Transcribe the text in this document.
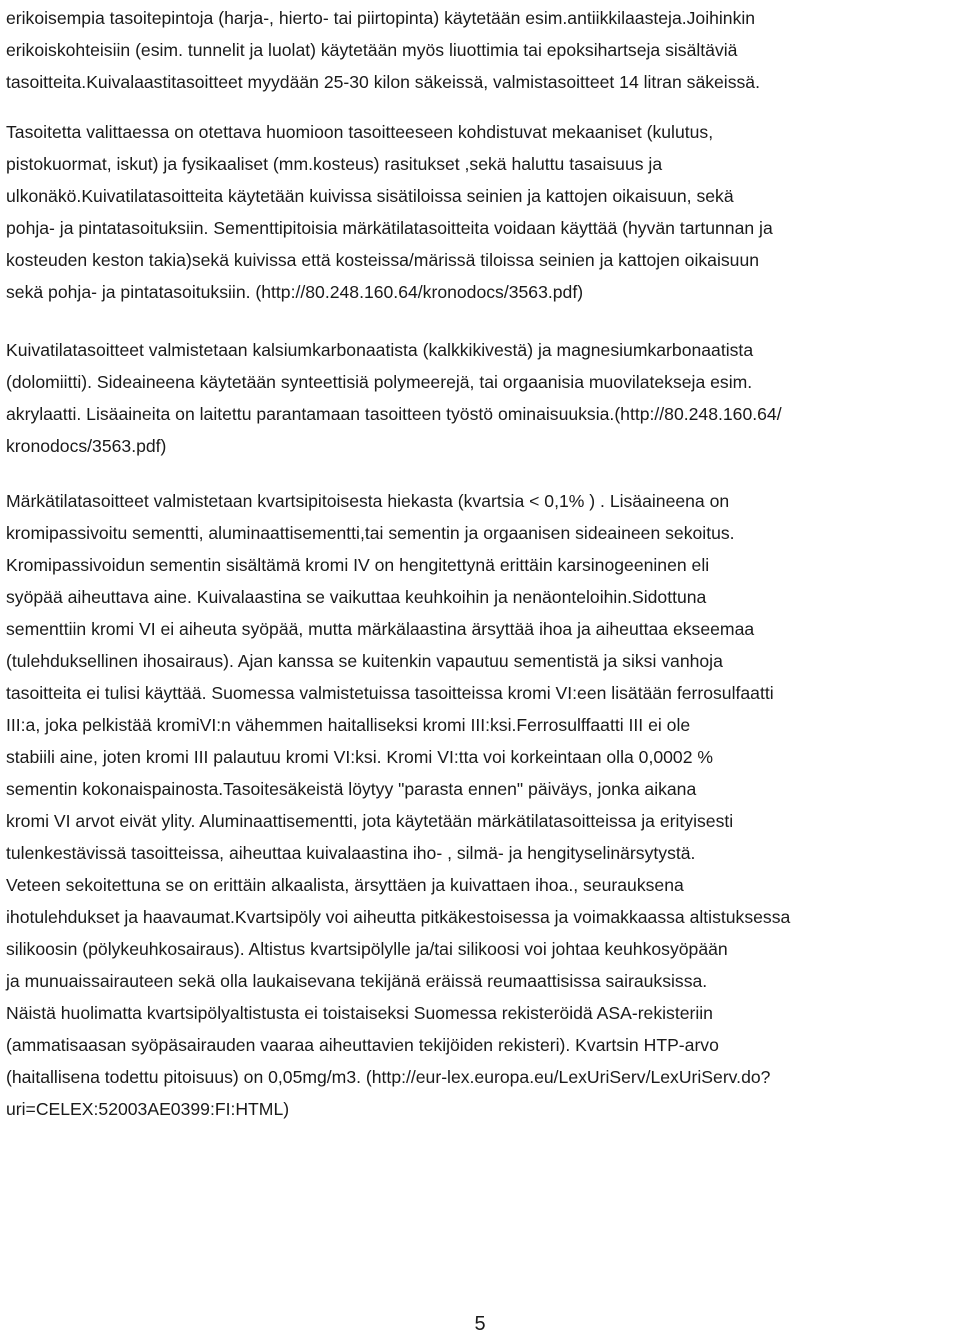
erikoisempia tasoitepintoja (harja-, hierto- tai piirtopinta) käytetään esim.antiikkilaasteja.Joihinkin
erikoiskohteisiin (esim. tunnelit ja luolat) käytetään myös liuottimia tai epoksihartseja sisältäviä
tasoitteita.Kuivalaastitasoitteet myydään 25-30 kilon säkeissä, valmistasoitteet 14 litran säkeissä.

Tasoitetta valittaessa on otettava huomioon tasoitteeseen kohdistuvat mekaaniset (kulutus,
pistokuormat, iskut) ja fysikaaliset (mm.kosteus) rasitukset ,sekä haluttu tasaisuus ja
ulkonäkö.Kuivatilatasoitteita käytetään kuivissa sisätiloissa seinien ja kattojen oikaisuun, sekä
pohja- ja pintatasoituksiin. Sementtipitoisia märkätilatasoitteita voidaan käyttää (hyvän tartunnan ja
kosteuden keston takia)sekä kuivissa että kosteissa/märissä tiloissa seinien ja kattojen oikaisuun
sekä pohja- ja pintatasoituksiin. (http://80.248.160.64/kronodocs/3563.pdf)

Kuivatilatasoitteet valmistetaan kalsiumkarbonaatista (kalkkikivestä) ja magnesiumkarbonaatista
(dolomiitti). Sideaineena käytetään synteettisiä polymeerejä, tai orgaanisia muovilatekseja esim.
akrylaatti. Lisäaineita on laitettu parantamaan tasoitteen työstö ominaisuuksia.(http://80.248.160.64/
kronodocs/3563.pdf)

Märkätilatasoitteet valmistetaan kvartsipitoisesta hiekasta (kvartsia < 0,1% ) . Lisäaineena on
kromipassivoitu sementti, aluminaattisementti,tai sementin ja orgaanisen sideaineen sekoitus.
Kromipassivoidun sementin sisältämä kromi IV on hengitettynä erittäin karsinogeeninen eli
syöpää aiheuttava aine. Kuivalaastina se vaikuttaa keuhkoihin ja nenäonteloihin.Sidottuna
sementtiin kromi VI ei aiheuta syöpää, mutta märkälaastina ärsyttää ihoa ja aiheuttaa ekseemaa
(tulehduksellinen ihosairaus). Ajan kanssa se kuitenkin vapautuu sementistä ja siksi vanhoja
tasoitteita ei tulisi käyttää. Suomessa valmistetuissa tasoitteissa kromi VI:een lisätään ferrosulfaatti
III:a, joka pelkistää kromiVI:n vähemmen haitalliseksi kromi III:ksi.Ferrosulffaatti III ei ole
stabiili aine, joten kromi III palautuu kromi VI:ksi. Kromi VI:tta voi korkeintaan olla 0,0002 %
sementin kokonaispainosta.Tasoitesäkeistä löytyy "parasta ennen" päiväys, jonka aikana
kromi VI arvot eivät ylity. Aluminaattisementti, jota käytetään märkätilatasoitteissa ja erityisesti
tulenkestävissä tasoitteissa, aiheuttaa kuivalaastina iho- , silmä- ja hengitysel​inärsytystä.
Veteen sekoitettuna se on erittäin alkaalista, ärsyttäen ja kuivattaen ihoa., seurauksena
ihotulehdukset ja haavaumat.Kvartsipöly voi aiheutta pitkäkestoisessa ja voimakkaassa altistuksessa
silikoosin (pölykeuhkosairaus). Altistus kvartsipölylle ja/tai silikoosi voi johtaa keuhkosyöpään
ja munuaissairauteen sekä olla laukaisevana tekijänä eräissä reumaattisissa sairauksissa.
Näistä huolimatta kvartsipölyaltistusta ei toistaiseksi Suomessa rekisteröidä ASA-rekisteriin
(ammatisaasan syöpäsairauden vaaraa aiheuttavien tekijöiden rekisteri). Kvartsin HTP-arvo
(haitallisena todettu pitoisuus) on 0,05mg/m3. (http://eur-lex.europa.eu/LexUriServ/LexUriServ.do?
uri=CELEX:52003AE0399:FI:HTML)

5
